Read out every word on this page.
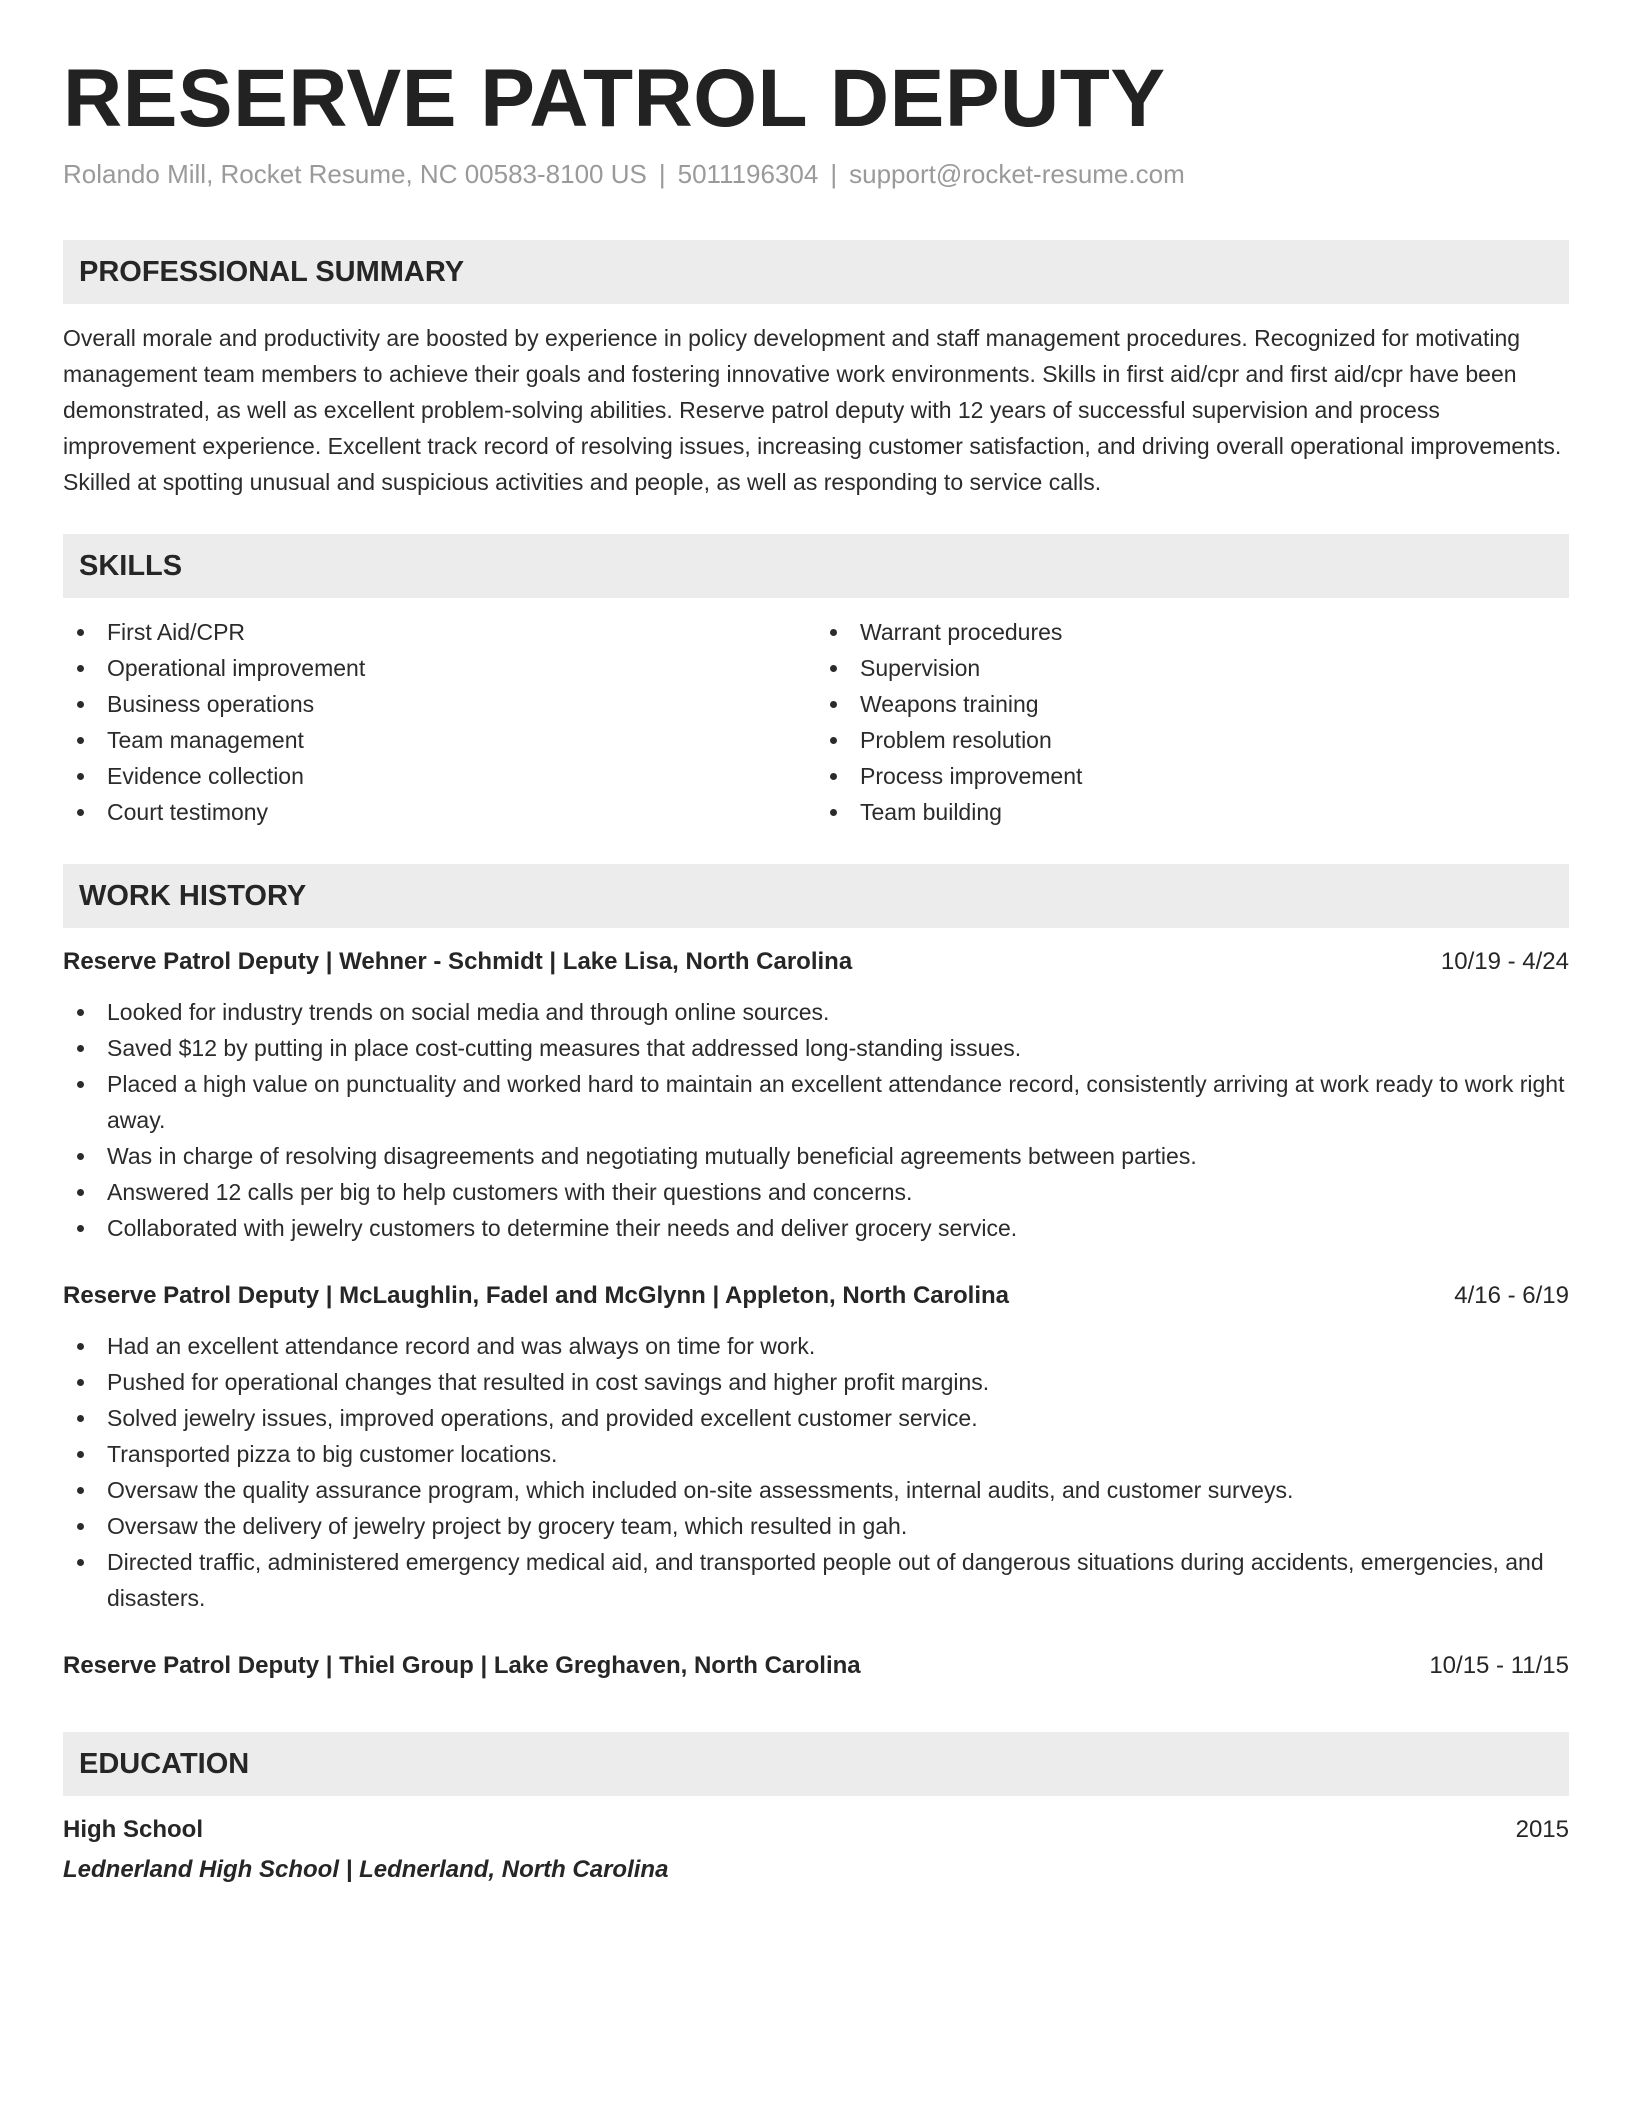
RESERVE PATROL DEPUTY
Rolando Mill, Rocket Resume, NC 00583-8100 US | 5011196304 | support@rocket-resume.com
PROFESSIONAL SUMMARY

Overall morale and productivity are boosted by experience in policy development and staff management procedures. Recognized for motivating management team members to achieve their goals and fostering innovative work environments. Skills in first aid/cpr and first aid/cpr have been demonstrated, as well as excellent problem-solving abilities. Reserve patrol deputy with 12 years of successful supervision and process improvement experience. Excellent track record of resolving issues, increasing customer satisfaction, and driving overall operational improvements. Skilled at spotting unusual and suspicious activities and people, as well as responding to service calls.

SKILLS
First Aid/CPR
Operational improvement
Business operations
Team management
Evidence collection
Court testimony
Warrant procedures
Supervision
Weapons training
Problem resolution
Process improvement
Team building
WORK HISTORY
Reserve Patrol Deputy | Wehner - Schmidt | Lake Lisa, North Carolina	10/19 - 4/24
Looked for industry trends on social media and through online sources.
Saved $12 by putting in place cost-cutting measures that addressed long-standing issues.
Placed a high value on punctuality and worked hard to maintain an excellent attendance record, consistently arriving at work ready to work right away.
Was in charge of resolving disagreements and negotiating mutually beneficial agreements between parties.
Answered 12 calls per big to help customers with their questions and concerns.
Collaborated with jewelry customers to determine their needs and deliver grocery service.
Reserve Patrol Deputy | McLaughlin, Fadel and McGlynn | Appleton, North Carolina	4/16 - 6/19
Had an excellent attendance record and was always on time for work.
Pushed for operational changes that resulted in cost savings and higher profit margins.
Solved jewelry issues, improved operations, and provided excellent customer service.
Transported pizza to big customer locations.
Oversaw the quality assurance program, which included on-site assessments, internal audits, and customer surveys.
Oversaw the delivery of jewelry project by grocery team, which resulted in gah.
Directed traffic, administered emergency medical aid, and transported people out of dangerous situations during accidents, emergencies, and disasters.
Reserve Patrol Deputy | Thiel Group | Lake Greghaven, North Carolina	10/15 - 11/15
EDUCATION
High School	2015
Lednerland High School | Lednerland, North Carolina
